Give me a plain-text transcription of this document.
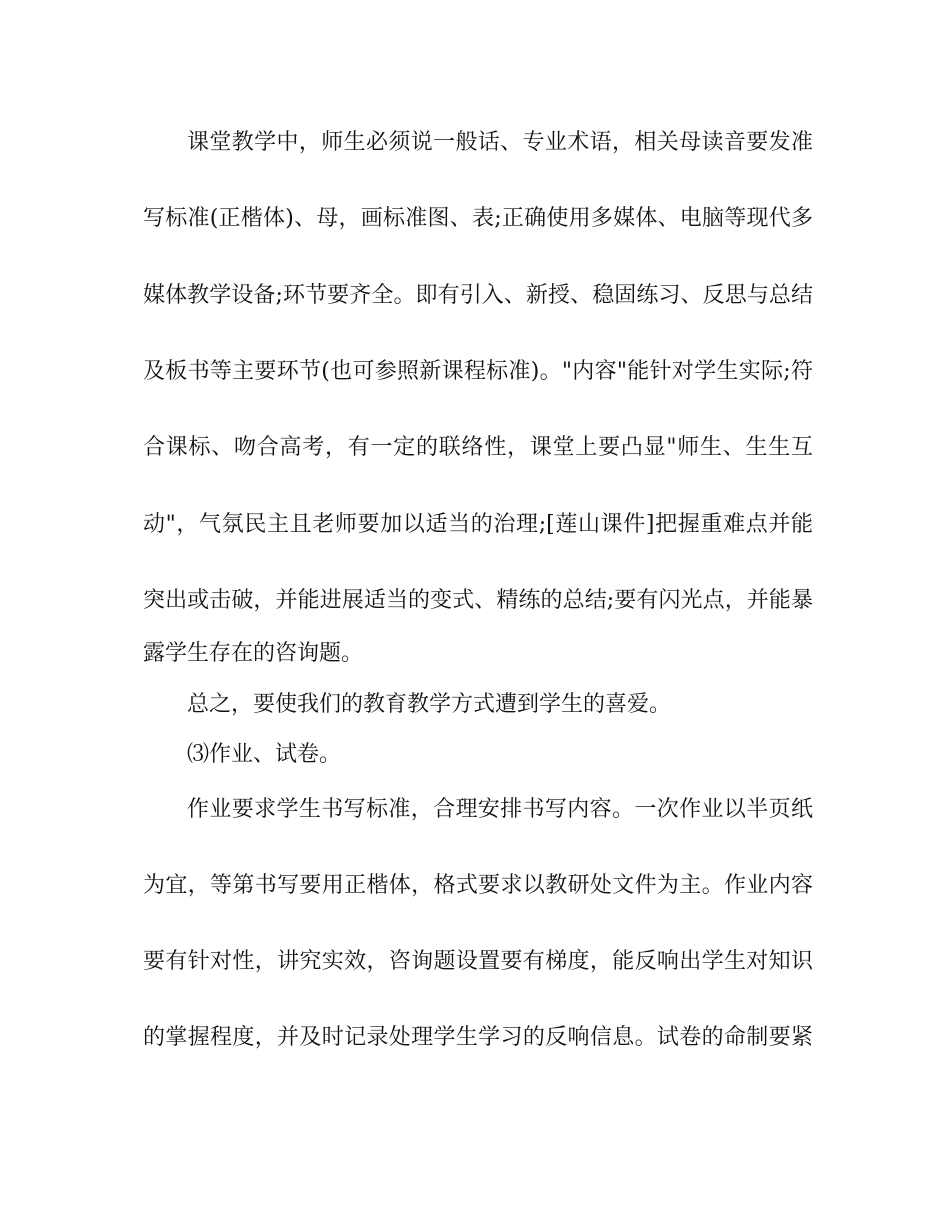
课堂教学中，师生必须说一般话、专业术语，相关母读音要发准
写标准(正楷体)、母，画标准图、表;正确使用多媒体、电脑等现代多
媒体教学设备;环节要齐全。即有引入、新授、稳固练习、反思与总结
及板书等主要环节(也可参照新课程标准)。"内容"能针对学生实际;符
合课标、吻合高考，有一定的联络性，课堂上要凸显"师生、生生互
动"，气氛民主且老师要加以适当的治理;[莲山课件]把握重难点并能
突出或击破，并能进展适当的变式、精练的总结;要有闪光点，并能暴
露学生存在的咨询题。
总之，要使我们的教育教学方式遭到学生的喜爱。
⑶作业、试卷。
作业要求学生书写标准，合理安排书写内容。一次作业以半页纸
为宜，等第书写要用正楷体，格式要求以教研处文件为主。作业内容
要有针对性，讲究实效，咨询题设置要有梯度，能反响出学生对知识
的掌握程度，并及时记录处理学生学习的反响信息。试卷的命制要紧
